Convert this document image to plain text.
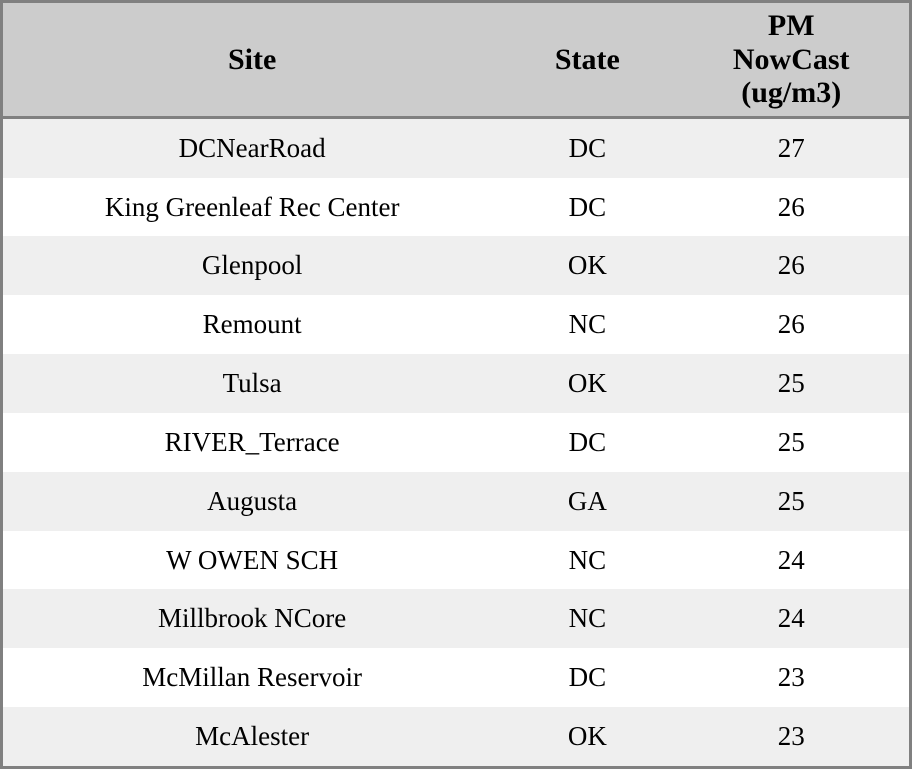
Site	State	PM
NowCast
(ug/m3)

DCNearRoad	DC	27
King Greenleaf Rec Center	DC	26
Glenpool	OK	26
Remount	NC	26
Tulsa	OK	25
RIVER_Terrace	DC	25
Augusta	GA	25
W OWEN SCH	NC	24
Millbrook NCore	NC	24
McMillan Reservoir	DC	23
McAlester	OK	23
